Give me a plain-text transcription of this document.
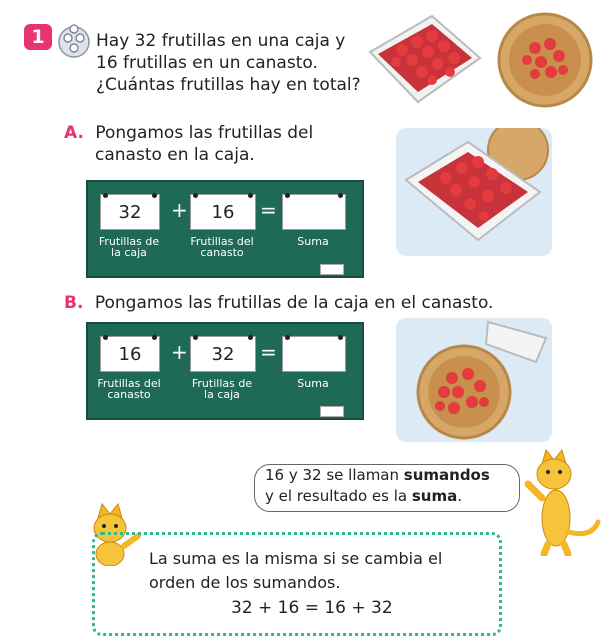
1	Hay 32 frutillas en una caja y
16 frutillas en un canasto.
¿Cuántas frutillas hay en total?
A. Pongamos las frutillas del
canasto en la caja.
32 + 16 =
Frutillas de
la caja
Frutillas del
canasto
Suma
B. Pongamos las frutillas de la caja en el canasto.
16 + 32 =
Frutillas del
canasto
Frutillas de
la caja
Suma
16 y 32 se llaman sumandos
y el resultado es la suma.
La suma es la misma si se cambia el
orden de los sumandos.
32 + 16 = 16 + 32
